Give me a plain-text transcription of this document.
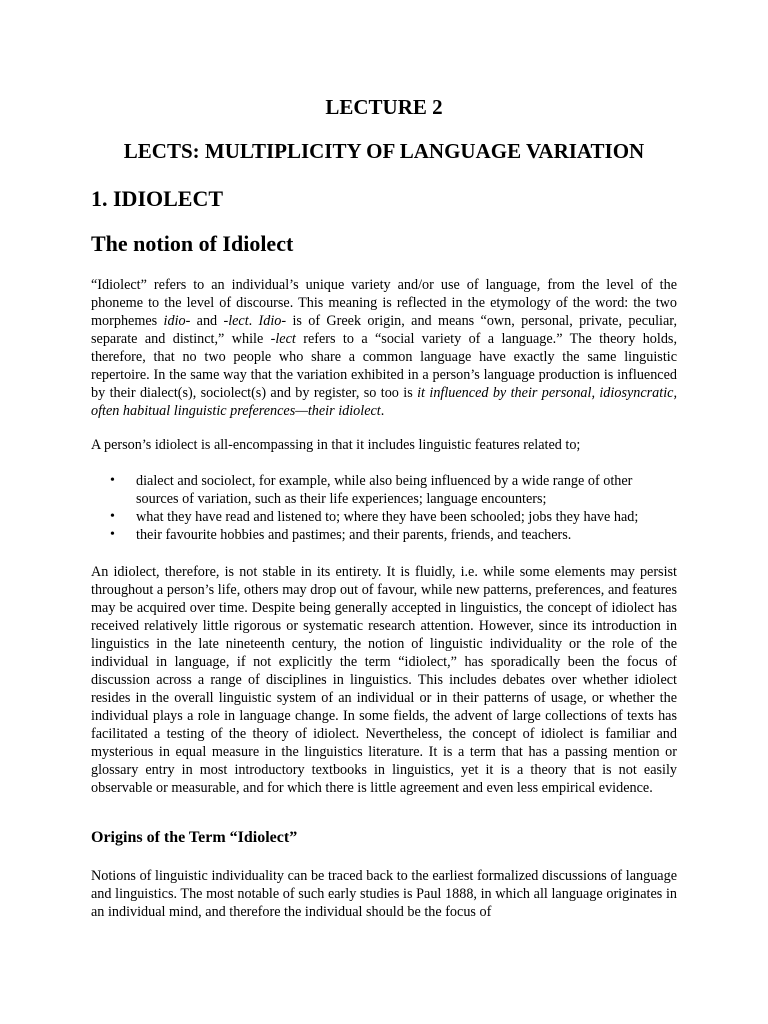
LECTURE 2
LECTS: MULTIPLICITY OF LANGUAGE VARIATION
1. IDIOLECT
The notion of Idiolect

“Idiolect” refers to an individual’s unique variety and/or use of language, from the level of the phoneme to the level of discourse. This meaning is reflected in the etymology of the word: the two morphemes idio- and -lect. Idio- is of Greek origin, and means “own, personal, private, peculiar, separate and distinct,” while -lect refers to a “social variety of a language.” The theory holds, therefore, that no two people who share a common language have exactly the same linguistic repertoire. In the same way that the variation exhibited in a person’s language production is influenced by their dialect(s), sociolect(s) and by register, so too is it influenced by their personal, idiosyncratic, often habitual linguistic preferences—their idiolect.

A person’s idiolect is all-encompassing in that it includes linguistic features related to;

• dialect and sociolect, for example, while also being influenced by a wide range of other sources of variation, such as their life experiences; language encounters;
• what they have read and listened to; where they have been schooled; jobs they have had;
• their favourite hobbies and pastimes; and their parents, friends, and teachers.

An idiolect, therefore, is not stable in its entirety. It is fluidly, i.e. while some elements may persist throughout a person’s life, others may drop out of favour, while new patterns, preferences, and features may be acquired over time. Despite being generally accepted in linguistics, the concept of idiolect has received relatively little rigorous or systematic research attention. However, since its introduction in linguistics in the late nineteenth century, the notion of linguistic individuality or the role of the individual in language, if not explicitly the term “idiolect,” has sporadically been the focus of discussion across a range of disciplines in linguistics. This includes debates over whether idiolect resides in the overall linguistic system of an individual or in their patterns of usage, or whether the individual plays a role in language change. In some fields, the advent of large collections of texts has facilitated a testing of the theory of idiolect. Nevertheless, the concept of idiolect is familiar and mysterious in equal measure in the linguistics literature. It is a term that has a passing mention or glossary entry in most introductory textbooks in linguistics, yet it is a theory that is not easily observable or measurable, and for which there is little agreement and even less empirical evidence.

Origins of the Term “Idiolect”

Notions of linguistic individuality can be traced back to the earliest formalized discussions of language and linguistics. The most notable of such early studies is Paul 1888, in which all language originates in an individual mind, and therefore the individual should be the focus of
